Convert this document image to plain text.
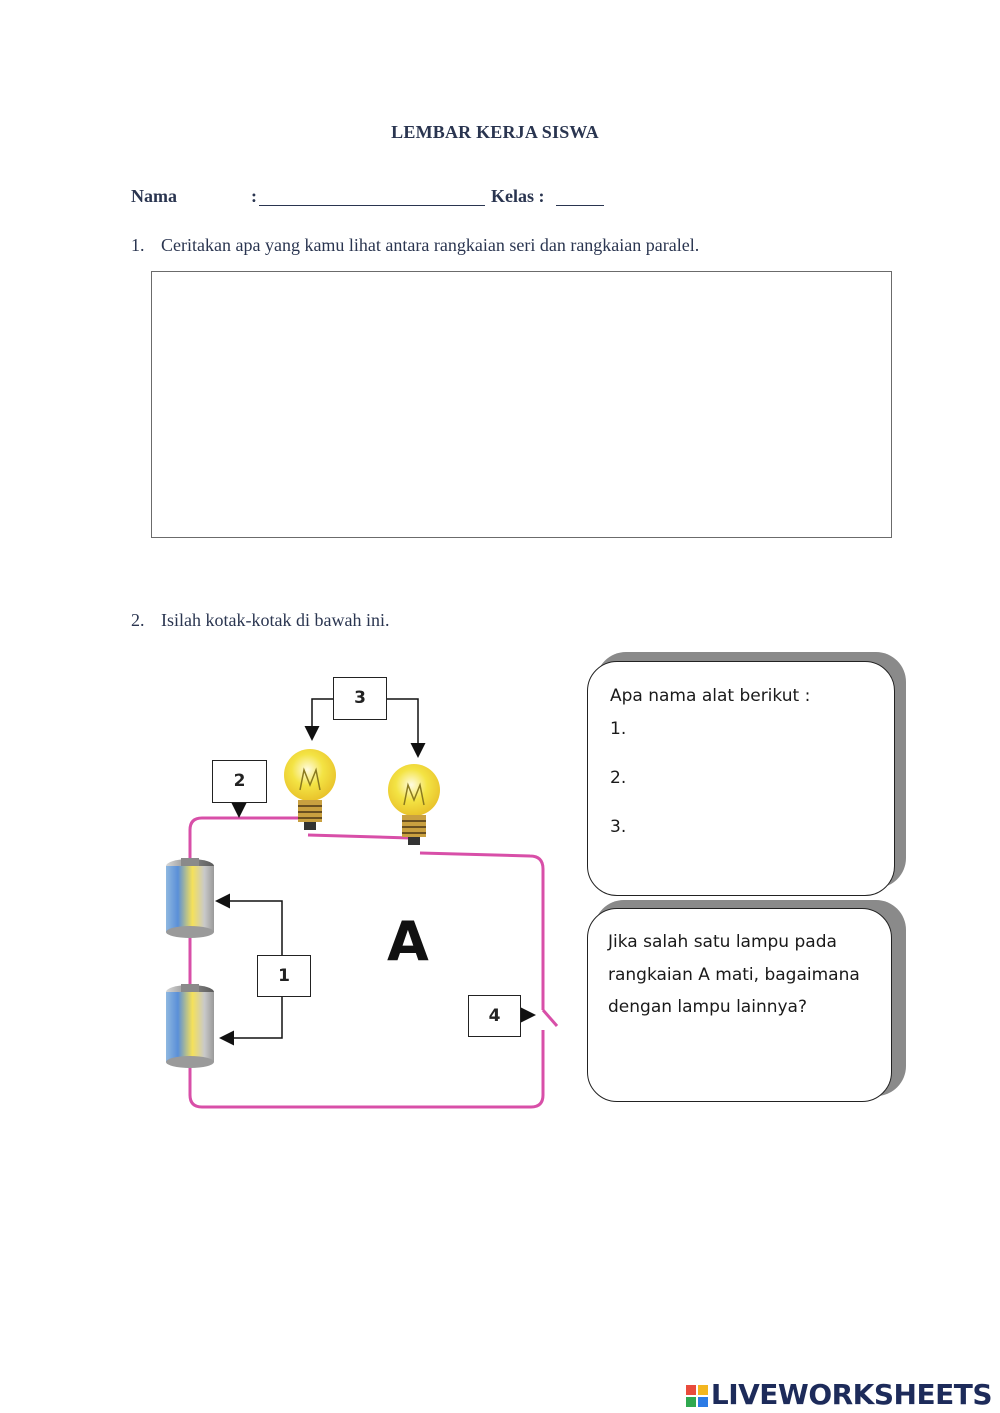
LEMBAR KERJA SISWA
Nama	:	Kelas :
1. Ceritakan apa yang kamu lihat antara rangkaian seri dan rangkaian paralel.
2. Isilah kotak-kotak di bawah ini.
3
2
1
4
A
Apa nama alat berikut :
1.
2.
3.
Jika salah satu lampu pada
rangkaian A mati, bagaimana
dengan lampu lainnya?
LIVEWORKSHEETS
